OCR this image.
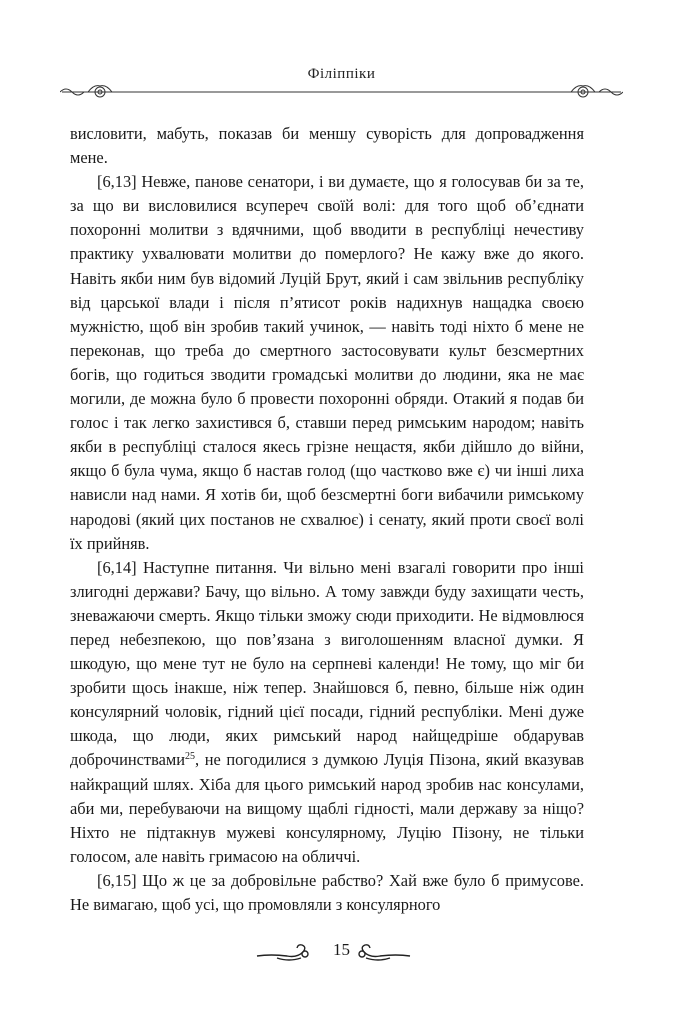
Філіппіки

висловити, мабуть, показав би меншу суворість для допровадження мене.

[6,13] Невже, панове сенатори, і ви думаєте, що я голосував би за те, за що ви висловилися всупереч своїй волі: для того щоб об’єднати похоронні молитви з вдячними, щоб вводити в республіці нечестиву практику ухвалювати молитви до померлого? Не кажу вже до якого. Навіть якби ним був відомий Луцій Брут, який і сам звільнив республіку від царської влади і після п’ятисот років надихнув нащадка своєю мужністю, щоб він зробив такий учинок, — навіть тоді ніхто б мене не переконав, що треба до смертного застосовувати культ безсмертних богів, що годиться зводити громадські молитви до людини, яка не має могили, де можна було б провести похоронні обряди. Отакий я подав би голос і так легко захистився б, ставши перед римським народом; навіть якби в республіці сталося якесь грізне нещастя, якби дійшло до війни, якщо б була чума, якщо б настав голод (що частково вже є) чи інші лиха нависли над нами. Я хотів би, щоб безсмертні боги вибачили римському народові (який цих постанов не схвалює) і сенату, який проти своєї волі їх прийняв.

[6,14] Наступне питання. Чи вільно мені взагалі говорити про інші злигодні держави? Бачу, що вільно. А тому завжди буду захищати честь, зневажаючи смерть. Якщо тільки зможу сюди приходити. Не відмовлюся перед небезпекою, що пов’язана з виголошенням власної думки. Я шкодую, що мене тут не було на серпневі календи! Не тому, що міг би зробити щось інакше, ніж тепер. Знайшовся б, певно, більше ніж один консулярний чоловік, гідний цієї посади, гідний республіки. Мені дуже шкода, що люди, яких римський народ найщедріше обдарував доброчинствами$^{25}$, не погодилися з думкою Луція Пізона, який вказував найкращий шлях. Хіба для цього римський народ зробив нас консулами, аби ми, перебуваючи на вищому щаблі гідності, мали державу за ніщо? Ніхто не підтакнув мужеві консулярному, Луцію Пізону, не тільки голосом, але навіть гримасою на обличчі.

[6,15] Що ж це за добровільне рабство? Хай вже було б примусове. Не вимагаю, щоб усі, що промовляли з консулярного

15
